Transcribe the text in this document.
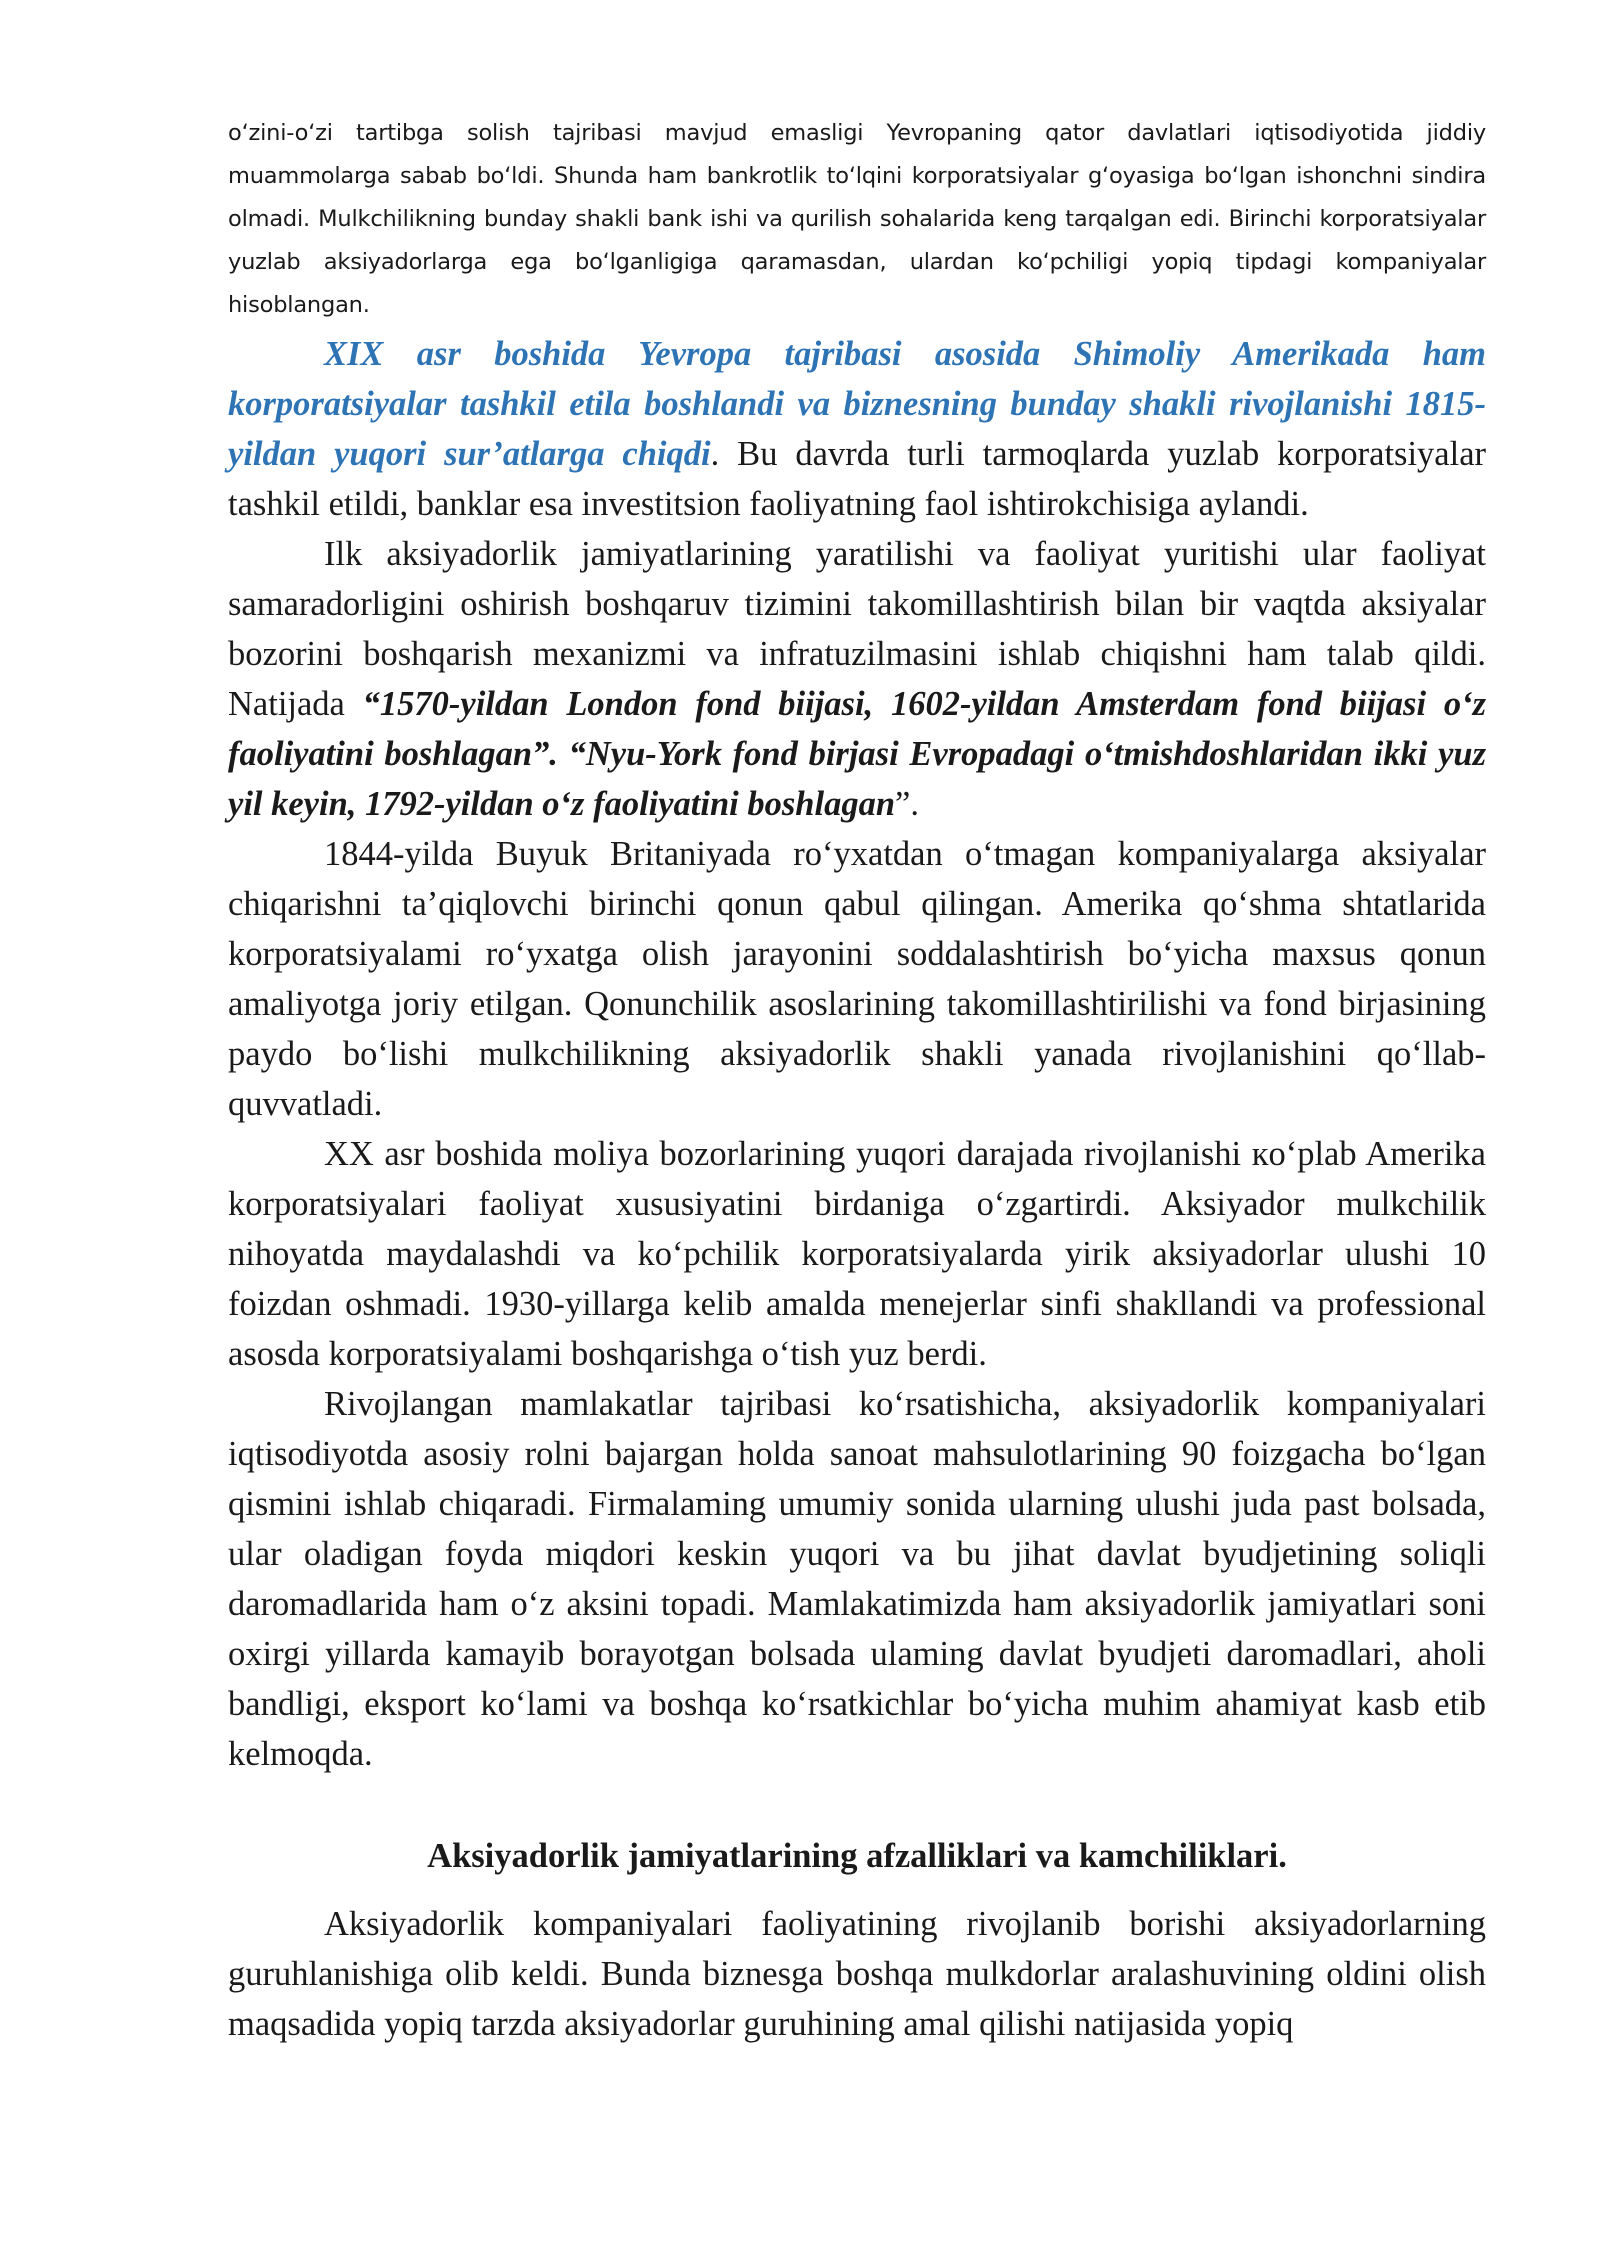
o‘zini-o‘zi tartibga solish tajribasi mavjud emasligi Yevropaning qator davlatlari iqtisodiyotida jiddiy muammolarga sabab bo‘ldi. Shunda ham bankrotlik to‘lqini korporatsiyalar g‘oyasiga bo‘lgan ishonchni sindira olmadi. Mulkchilikning bunday shakli bank ishi va qurilish sohalarida keng tarqalgan edi. Birinchi korporatsiyalar yuzlab aksiyadorlarga ega bo‘lganligiga qaramasdan, ulardan ko‘pchiligi yopiq tipdagi kompaniyalar hisoblangan.

XIX asr boshida Yevropa tajribasi asosida Shimoliy Amerikada ham korporatsiyalar tashkil etila boshlandi va biznesning bunday shakli rivojlanishi 1815-yildan yuqori sur’atlarga chiqdi. Bu davrda turli tarmoqlarda yuzlab korporatsiyalar tashkil etildi, banklar esa investitsion faoliyatning faol ishtirokchisiga aylandi.

Ilk aksiyadorlik jamiyatlarining yaratilishi va faoliyat yuritishi ular faoliyat samaradorligini oshirish boshqaruv tizimini takomillashtirish bilan bir vaqtda aksiyalar bozorini boshqarish mexanizmi va infratuzilmasini ishlab chiqishni ham talab qildi. Natijada “1570-yildan London fond biijasi, 1602-yildan Amsterdam fond biijasi o‘z faoliyatini boshlagan”. “Nyu-York fond birjasi Evropadagi o‘tmishdoshlaridan ikki yuz yil keyin, 1792-yildan o‘z faoliyatini boshlagan”.

1844-yilda Buyuk Britaniyada ro‘yxatdan o‘tmagan kompaniyalarga aksiyalar chiqarishni ta’qiqlovchi birinchi qonun qabul qilingan. Amerika qo‘shma shtatlarida korporatsiyalami ro‘yxatga olish jarayonini soddalashtirish bo‘yicha maxsus qonun amaliyotga joriy etilgan. Qonunchilik asoslarining takomillashtirilishi va fond birjasining paydo bo‘lishi mulkchilikning aksiyadorlik shakli yanada rivojlanishini qo‘llab-quvvatladi.

XX asr boshida moliya bozorlarining yuqori darajada rivojlanishi кo‘plab Amerika korporatsiyalari faoliyat xususiyatini birdaniga o‘zgartirdi. Aksiyador mulkchilik nihoyatda maydalashdi va ko‘pchilik korporatsiyalarda yirik aksiyadorlar ulushi 10 foizdan oshmadi. 1930-yillarga kelib amalda menejerlar sinfi shakllandi va professional asosda korporatsiyalami boshqarishga o‘tish yuz berdi.

Rivojlangan mamlakatlar tajribasi ko‘rsatishicha, aksiyadorlik kompaniyalari iqtisodiyotda asosiy rolni bajargan holda sanoat mahsulotlarining 90 foizgacha bo‘lgan qismini ishlab chiqaradi. Firmalaming umumiy sonida ularning ulushi juda past bolsada, ular oladigan foyda miqdori keskin yuqori va bu jihat davlat byudjetining soliqli daromadlarida ham o‘z aksini topadi. Mamlakatimizda ham aksiyadorlik jamiyatlari soni oxirgi yillarda kamayib borayotgan bolsada ulaming davlat byudjeti daromadlari, aholi bandligi, eksport ko‘lami va boshqa ko‘rsatkichlar bo‘yicha muhim ahamiyat kasb etib kelmoqda.

Aksiyadorlik jamiyatlarining afzalliklari va kamchiliklari.

Aksiyadorlik kompaniyalari faoliyatining rivojlanib borishi aksiyadorlarning guruhlanishiga olib keldi. Bunda biznesga boshqa mulkdorlar aralashuvining oldini olish maqsadida yopiq tarzda aksiyadorlar guruhining amal qilishi natijasida yopiq
